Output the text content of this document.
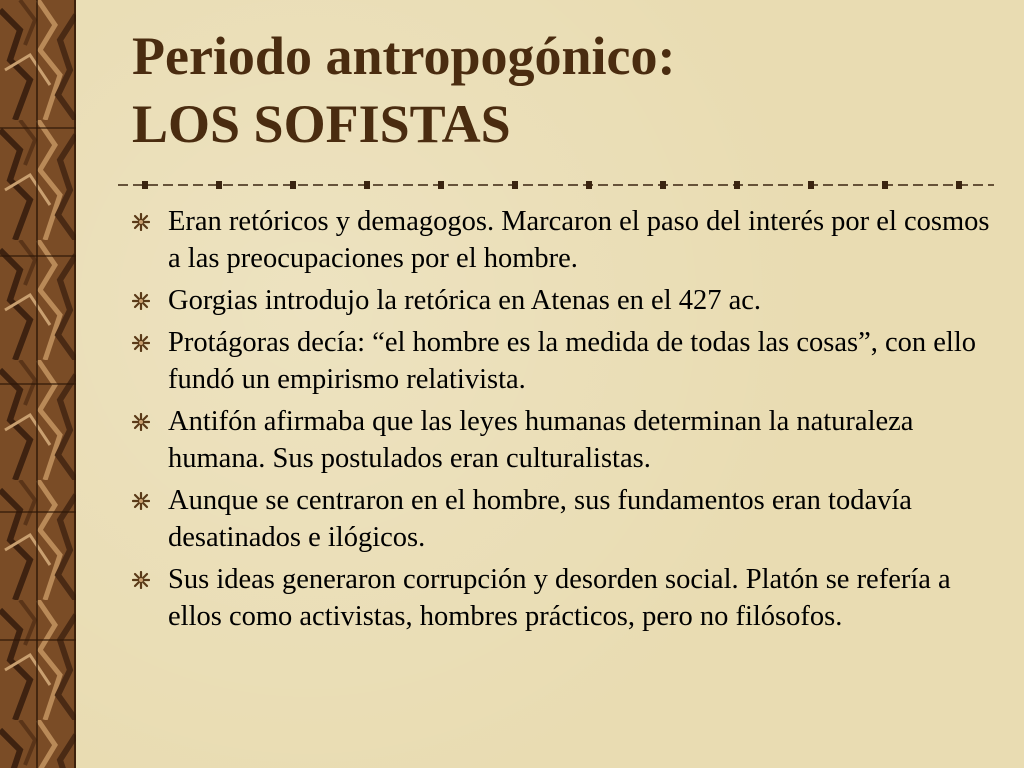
Periodo antropogónico:
LOS SOFISTAS
Eran retóricos y demagogos. Marcaron el paso del interés por el cosmos a las preocupaciones por el hombre.
Gorgias introdujo la retórica en Atenas en el 427 ac.
Protágoras decía: “el hombre es la medida de todas las cosas”, con ello fundó un empirismo relativista.
Antifón afirmaba que las leyes humanas determinan la naturaleza humana. Sus postulados eran culturalistas.
Aunque se centraron en el hombre, sus fundamentos eran todavía desatinados e ilógicos.
Sus ideas generaron corrupción y desorden social. Platón se refería a ellos como activistas, hombres prácticos, pero no filósofos.
